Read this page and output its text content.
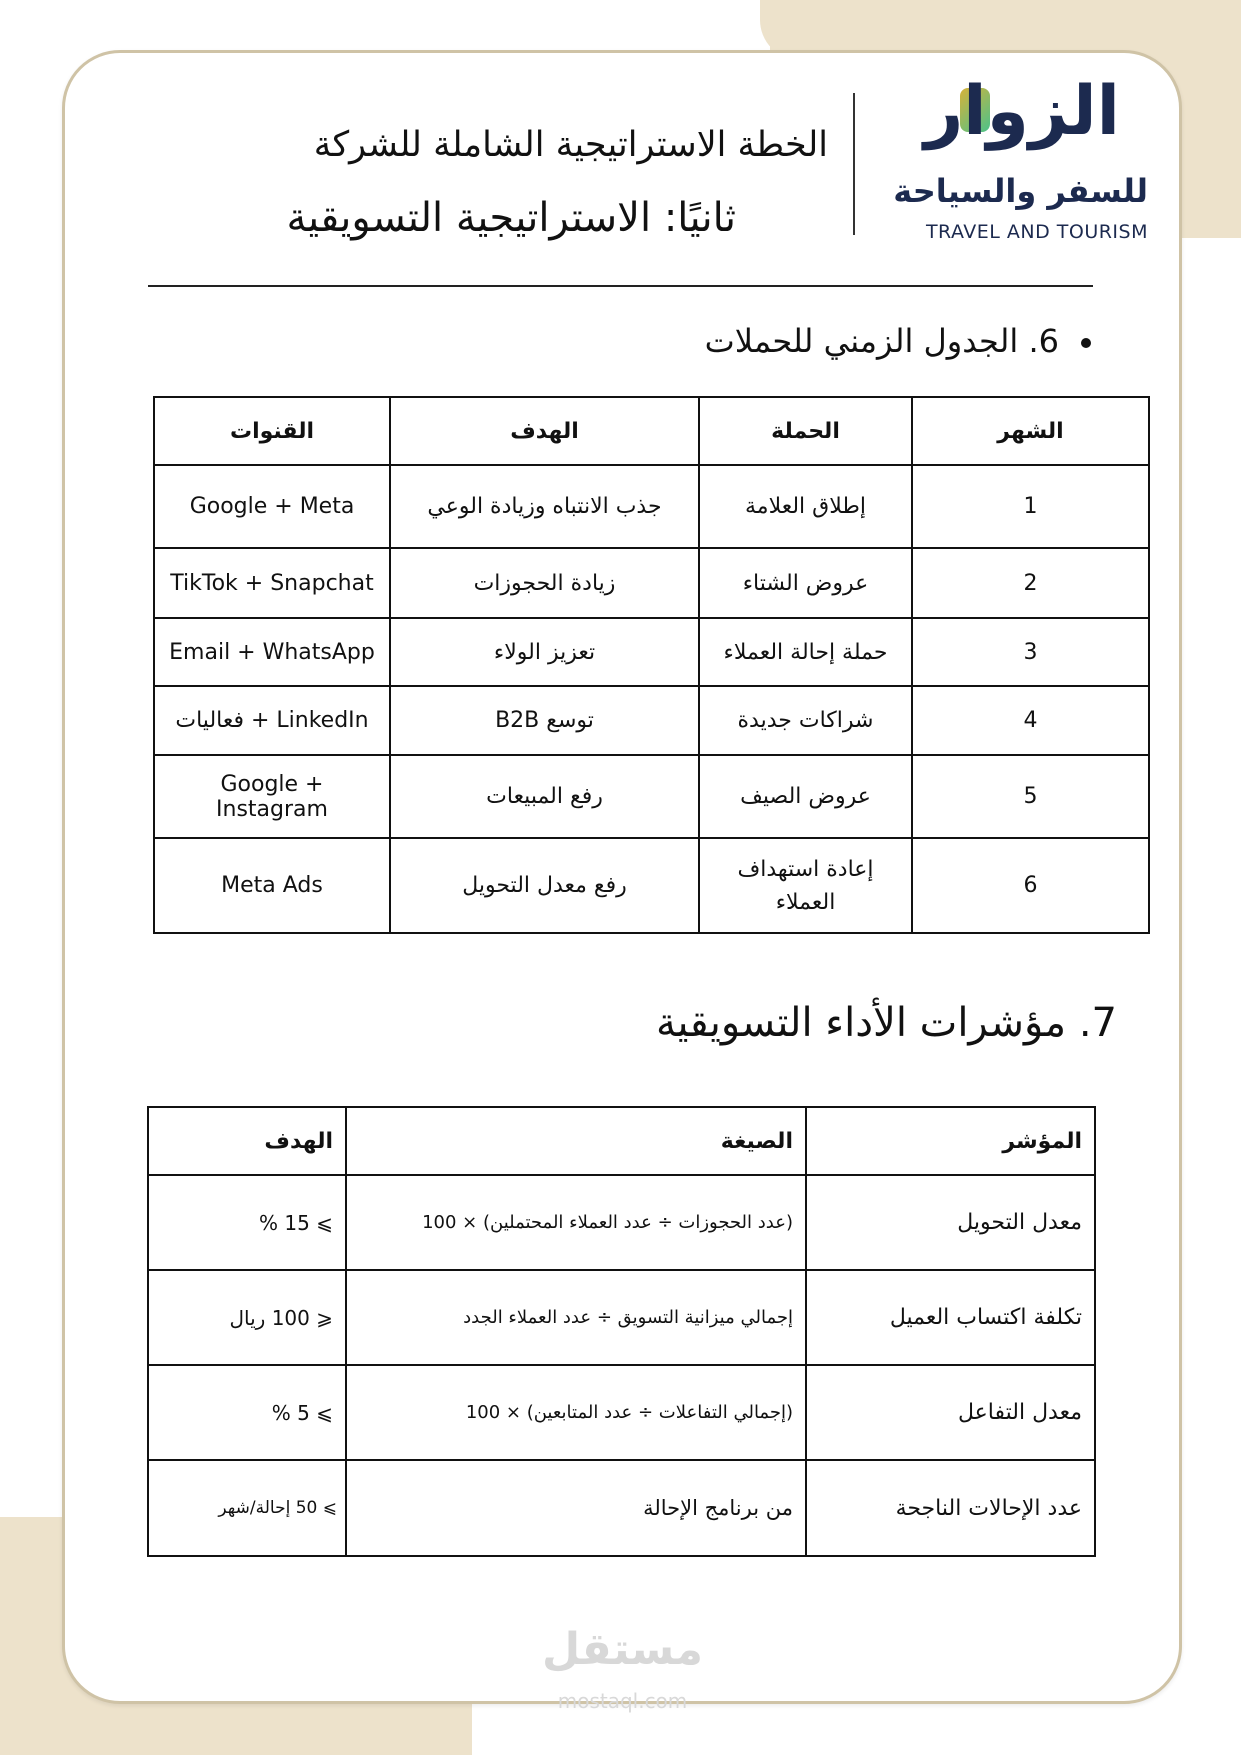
الخطة الاستراتيجية الشاملة للشركة
ثانيًا: الاستراتيجية التسويقية
الزوار
للسفر والسياحة
TRAVEL AND TOURISM
6. الجدول الزمني للحملات
الشهر	الحملة	الهدف	القنوات
1	إطلاق العلامة	جذب الانتباه وزيادة الوعي	Google + Meta
2	عروض الشتاء	زيادة الحجوزات	TikTok + Snapchat
3	حملة إحالة العملاء	تعزيز الولاء	Email + WhatsApp
4	شراكات جديدة	توسع B2B	LinkedIn + فعاليات
5	عروض الصيف	رفع المبيعات	Google + Instagram
6	إعادة استهداف العملاء	رفع معدل التحويل	Meta Ads
7. مؤشرات الأداء التسويقية
المؤشر	الصيغة	الهدف
معدل التحويل	(عدد الحجوزات ÷ عدد العملاء المحتملين) × 100	⩾ 15 %
تكلفة اكتساب العميل	إجمالي ميزانية التسويق ÷ عدد العملاء الجدد	⩽ 100 ريال
معدل التفاعل	(إجمالي التفاعلات ÷ عدد المتابعين) × 100	⩾ 5 %
عدد الإحالات الناجحة	من برنامج الإحالة	⩾ 50 إحالة/شهر
مستقل
mostaql.com
